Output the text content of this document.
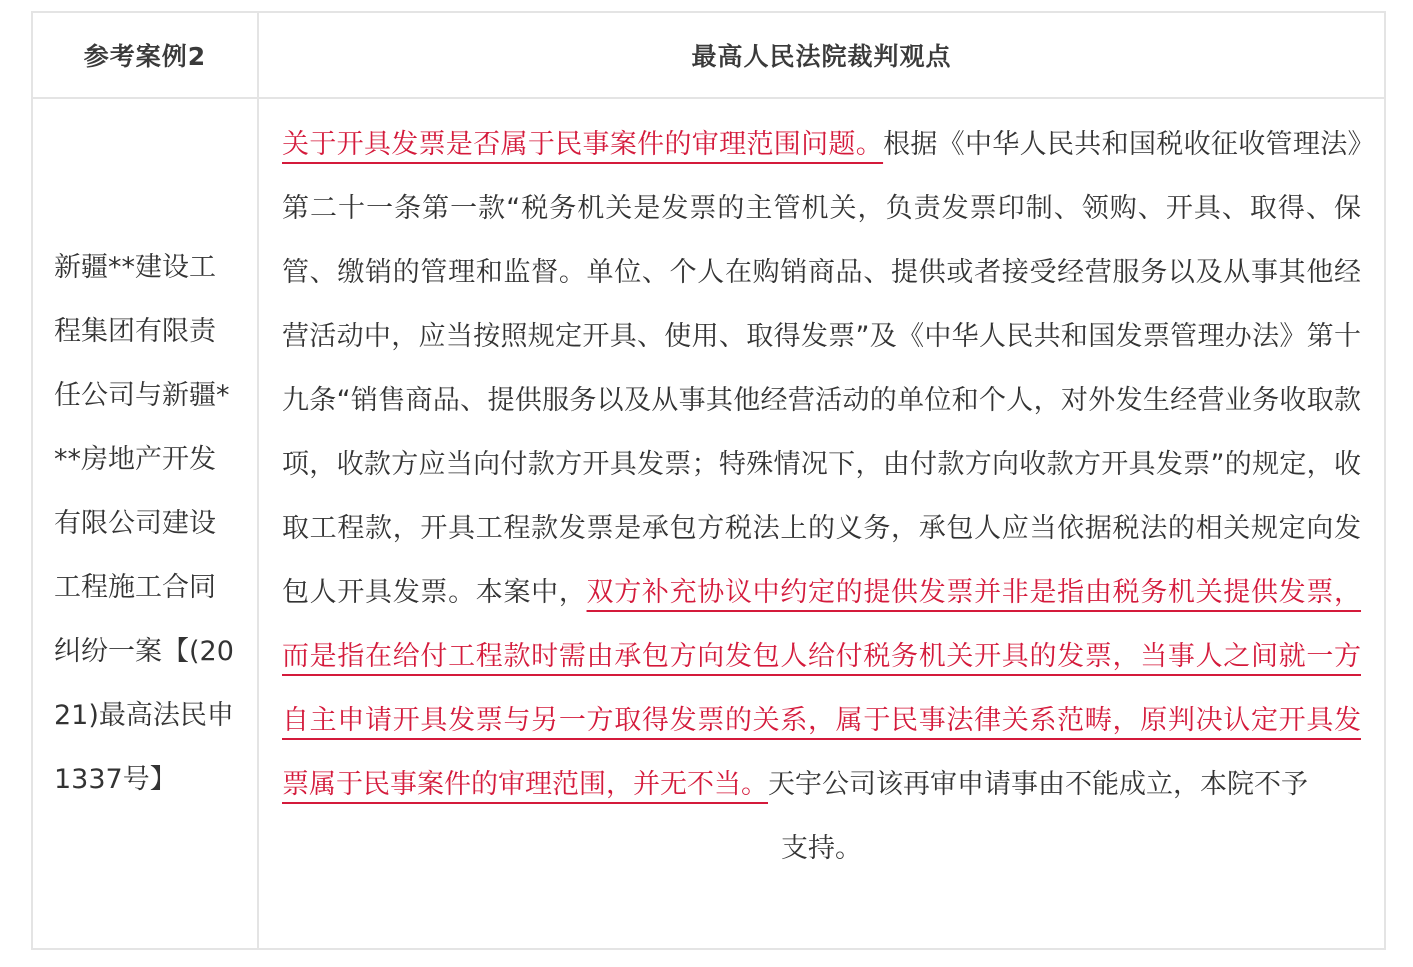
参考案例2	最高人民法院裁判观点
新疆**建设工程集团有限责任公司与新疆***房地产开发有限公司建设工程施工合同纠纷一案【(2021)最高法民申1337号】	关于开具发票是否属于民事案件的审理范围问题。根据《中华人民共和国税收征收管理法》第二十一条第一款“税务机关是发票的主管机关，负责发票印制、领购、开具、取得、保管、缴销的管理和监督。单位、个人在购销商品、提供或者接受经营服务以及从事其他经营活动中，应当按照规定开具、使用、取得发票”及《中华人民共和国发票管理办法》第十九条“销售商品、提供服务以及从事其他经营活动的单位和个人，对外发生经营业务收取款项，收款方应当向付款方开具发票；特殊情况下，由付款方向收款方开具发票”的规定，收取工程款，开具工程款发票是承包方税法上的义务，承包人应当依据税法的相关规定向发包人开具发票。本案中，双方补充协议中约定的提供发票并非是指由税务机关提供发票，而是指在给付工程款时需由承包方向发包人给付税务机关开具的发票，当事人之间就一方自主申请开具发票与另一方取得发票的关系，属于民事法律关系范畴，原判决认定开具发票属于民事案件的审理范围，并无不当。天宇公司该再审申请事由不能成立，本院不予
支持。
